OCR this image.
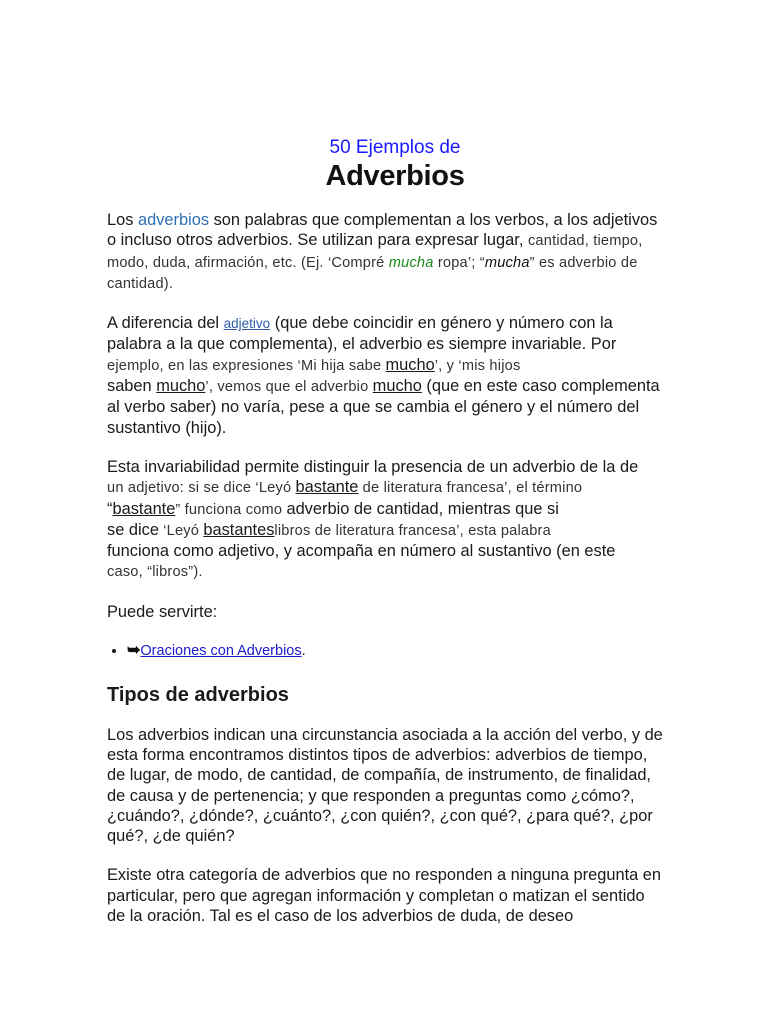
50 Ejemplos de
Adverbios

Los adverbios son palabras que complementan a los verbos, a los adjetivos o incluso otros adverbios. Se utilizan para expresar lugar, cantidad, tiempo, modo, duda, afirmación, etc. (Ej. ‘Compré mucha ropa’; “mucha” es adverbio de cantidad).

A diferencia del adjetivo (que debe coincidir en género y número con la palabra a la que complementa), el adverbio es siempre invariable. Por ejemplo, en las expresiones ‘Mi hija sabe mucho’, y ‘mis hijos
saben mucho’, vemos que el adverbio mucho (que en este caso complementa al verbo saber) no varía, pese a que se cambia el género y el número del sustantivo (hijo).

Esta invariabilidad permite distinguir la presencia de un adverbio de la de
un adjetivo: si se dice ‘Leyó bastante de literatura francesa’, el término
“bastante” funciona como adverbio de cantidad, mientras que si
se dice ‘Leyó bastanteslibros de literatura francesa’, esta palabra
funciona como adjetivo, y acompaña en número al sustantivo (en este
caso, “libros”).

Puede servirte:

• ➥Oraciones con Adverbios.
Tipos de adverbios

Los adverbios indican una circunstancia asociada a la acción del verbo, y de esta forma encontramos distintos tipos de adverbios: adverbios de tiempo, de lugar, de modo, de cantidad, de compañía, de instrumento, de finalidad, de causa y de pertenencia; y que responden a preguntas como ¿cómo?, ¿cuándo?, ¿dónde?, ¿cuánto?, ¿con quién?, ¿con qué?, ¿para qué?, ¿por qué?, ¿de quién?

Existe otra categoría de adverbios que no responden a ninguna pregunta en particular, pero que agregan información y completan o matizan el sentido de la oración. Tal es el caso de los adverbios de duda, de deseo
